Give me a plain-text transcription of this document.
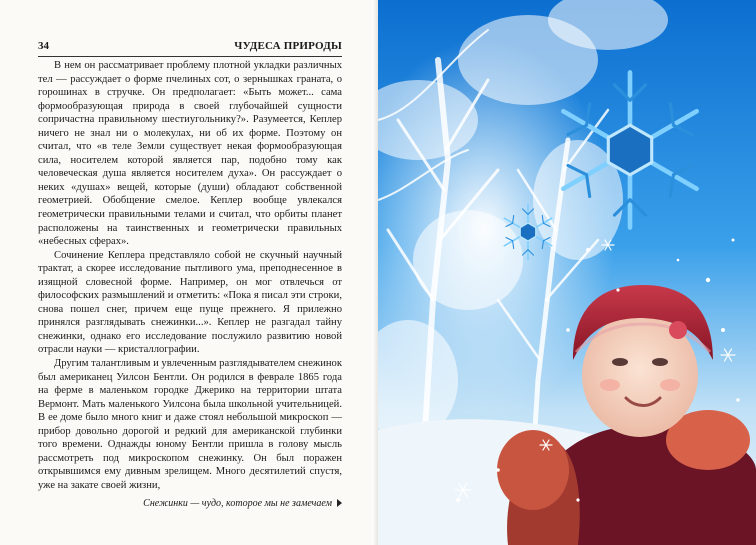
34	ЧУДЕСА ПРИРОДЫ

В нем он рассматривает проблему плотной укладки различных тел — рассуждает о форме пчелиных сот, о зернышках граната, о горошинах в стручке. Он предполагает: «Быть может... сама формообразующая природа в своей глубочайшей сущности сопричастна правильному шестиугольнику?». Разумеется, Кеплер ничего не знал ни о молекулах, ни об их форме. Поэтому он считал, что «в теле Земли существует некая формообразующая сила, носителем которой является пар, подобно тому как человеческая душа является носителем духа». Он рассуждает о неких «душах» вещей, которые (души) обладают собственной геометрией. Обобщение смелое. Кеплер вообще увлекался геометрически правильными телами и считал, что орбиты планет расположены на таинственных и геометрически правильных «небесных сферах».

Сочинение Кеплера представляло собой не скучный научный трактат, а скорее исследование пытливого ума, преподнесенное в изящной словесной форме. Например, он мог отвлечься от философских размышлений и отметить: «Пока я писал эти строки, снова пошел снег, причем еще пуще прежнего. Я прилежно принялся разглядывать снежинки...». Кеплер не разгадал тайну снежинки, однако его исследование послужило развитию новой отрасли науки — кристаллографии.

Другим талантливым и увлеченным разглядывателем снежинок был американец Уилсон Бентли. Он родился в феврале 1865 года на ферме в маленьком городке Джерико на территории штата Вермонт. Мать маленького Уилсона была школьной учительницей. В ее доме было много книг и даже стоял небольшой микроскоп — прибор довольно дорогой и редкий для американской глубинки того времени. Однажды юному Бентли пришла в голову мысль рассмотреть под микроскопом снежинку. Он был поражен открывшимся ему дивным зрелищем. Много десятилетий спустя, уже на закате своей жизни,

Снежинки — чудо, которое мы не замечаем
